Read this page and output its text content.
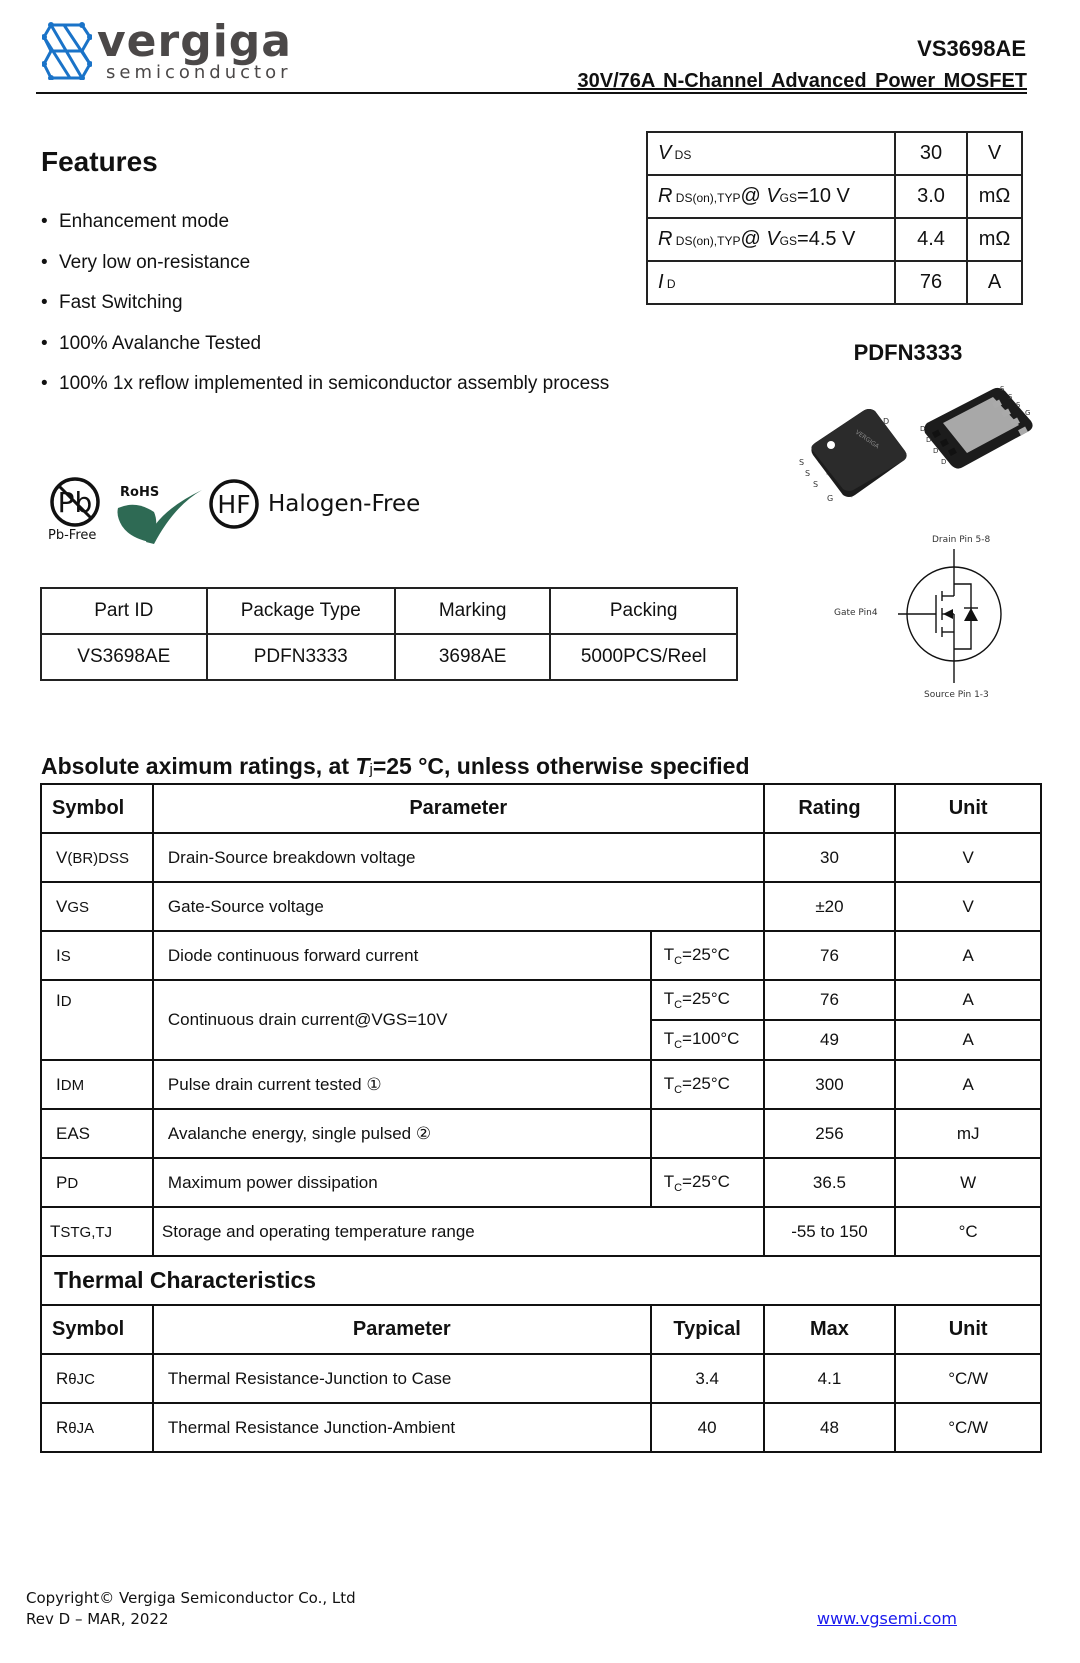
vergiga
semiconductor
VS3698AE
30V/76A N-Channel Advanced Power MOSFET
Features
• Enhancement mode
• Very low on-resistance
• Fast Switching
• 100% Avalanche Tested
• 100% 1x reflow implemented in semiconductor assembly process
V DS	30	V
R DS(on),TYP@ VGS=10 V	3.0	mΩ
R DS(on),TYP@ VGS=4.5 V	4.4	mΩ
I D	76	A
PDFN3333
VERGIGA
D
S
S
S
G
S
S
S
G
D
D
D
D
Drain Pin 5-8
Gate Pin4
Source Pin 1-3
Pb
Pb-Free
RoHS HF Halogen-Free
Part ID	Package Type	Marking	Packing
VS3698AE	PDFN3333	3698AE	5000PCS/Reel
Absolute aximum ratings, at Tj=25 °C, unless otherwise specified
Symbol	Parameter		Rating	Unit
V(BR)DSS	Drain-Source breakdown voltage		30	V
VGS	Gate-Source voltage		±20	V
IS	Diode continuous forward current	$T_C=25^\circ C$	76	A
ID	Continuous drain current@VGS=10V	$T_C=25^\circ C$	76	A
		$T_C=100^\circ C$	49	A
IDM	Pulse drain current tested ①	$T_C=25^\circ C$	300	A
EAS	Avalanche energy, single pulsed ②		256	mJ
PD	Maximum power dissipation	$T_C=25^\circ C$	36.5	W
TSTG,TJ	Storage and operating temperature range		-55 to 150	°C
Thermal Characteristics				
Symbol	Parameter	Typical	Max	Unit
RθJC	Thermal Resistance-Junction to Case	3.4	4.1	°C/W
RθJA	Thermal Resistance Junction-Ambient	40	48	°C/W
Copyright© Vergiga Semiconductor Co., Ltd
Rev D – MAR, 2022	www.vgsemi.com
